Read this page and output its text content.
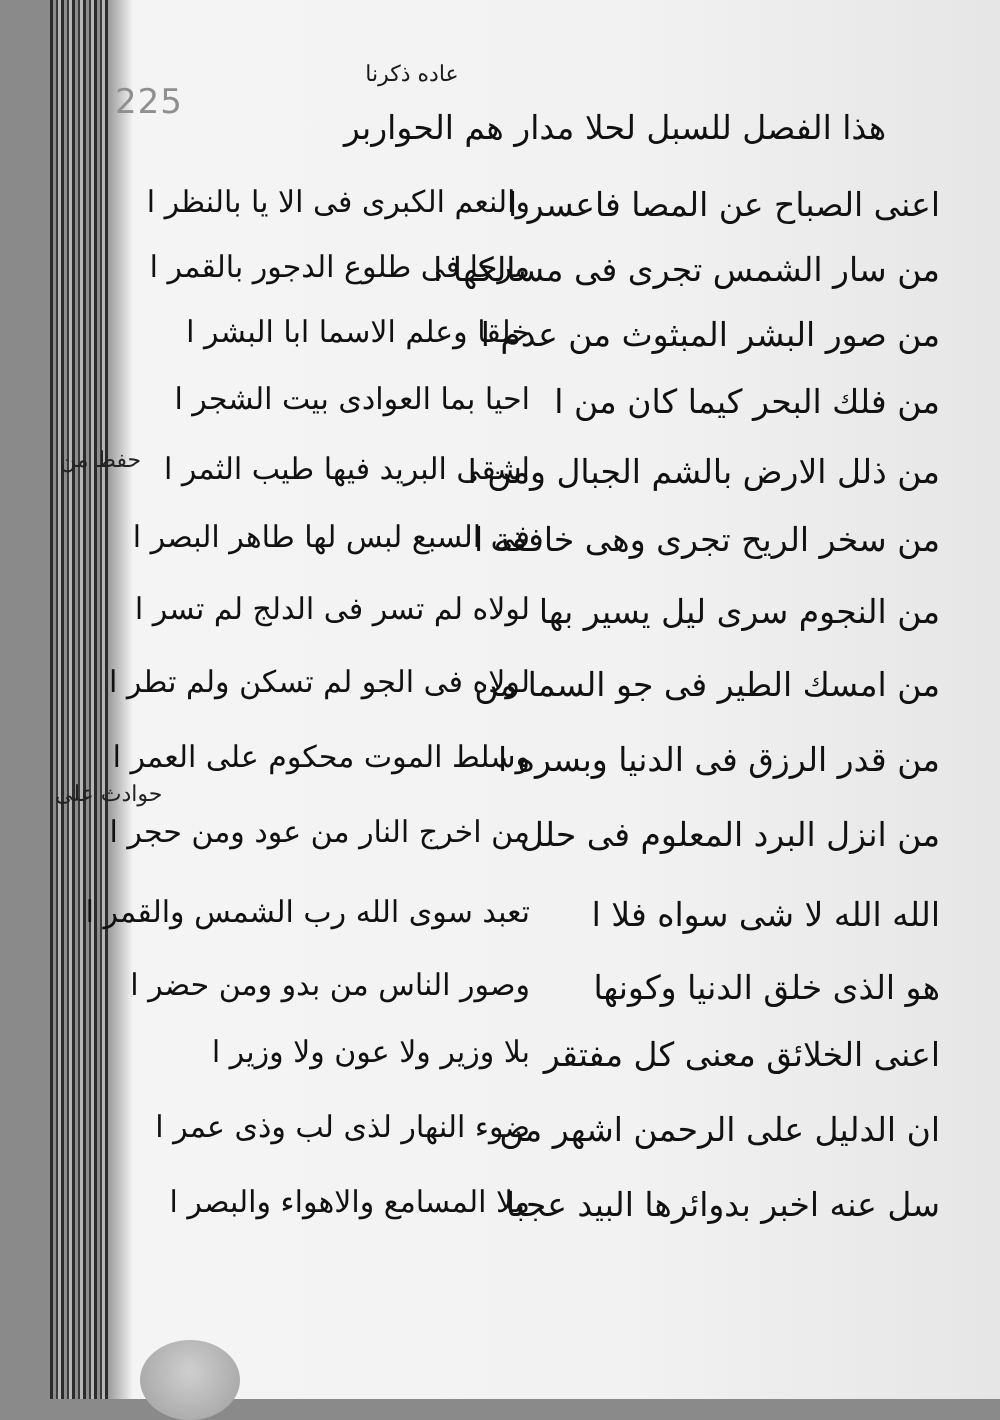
225
عاده ذكرنا
هذا الفصل للسبل لحلا مدار هم الحواربر
حفظ من
حوادث على
اعنى الصباح عن المصا فاعسر ا
والنعم الكبرى فى الا يا بالنظر ا
من سار الشمس تجرى فى مسالكها ا
مرحا فى طلوع الدجور بالقمر ا
من صور البشر المبثوث من عدم ا
خلقا وعلم الاسما ابا البشر ا
من فلك البحر كيما كان من ا
احيا بما العوادى بيت الشجر ا
من ذلل الارض بالشم الجبال ومن ا
اشقى البريد فيها طيب الثمر ا
من سخر الريح تجرى وهى خافقة ا
فى السبع لبس لها طاهر البصر ا
من النجوم سرى ليل يسير بها
لولاه لم تسر فى الدلج لم تسر ا
من امسك الطير فى جو السما من
لولاه فى الجو لم تسكن ولم تطر ا
من قدر الرزق فى الدنيا وبسره ا
وسلط الموت محكوم على العمر ا
من انزل البرد المعلوم فى حلل
من اخرج النار من عود ومن حجر ا
الله الله لا شى سواه فلا ا
تعبد سوى الله رب الشمس والقمر ا
هو الذى خلق الدنيا وكونها
وصور الناس من بدو ومن حضر ا
اعنى الخلائق معنى كل مفتقر
بلا وزير ولا عون ولا وزير ا
ان الدليل على الرحمن اشهر من
ضوء النهار لذى لب وذى عمر ا
سل عنه اخبر بدوائرها البيد عجبا
ملا المسامع والاهواء والبصر ا
